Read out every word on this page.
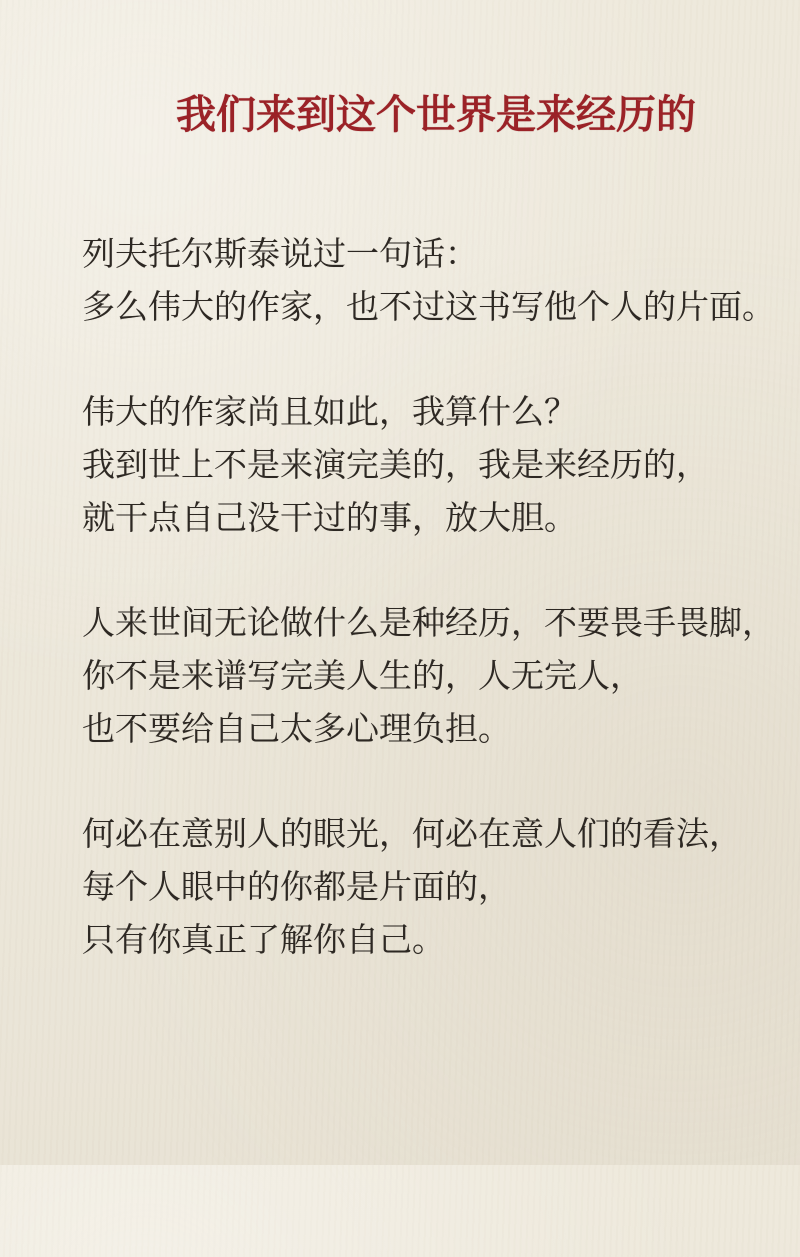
我们来到这个世界是来经历的

列夫托尔斯泰说过一句话：
多么伟大的作家，也不过这书写他个人的片面。

伟大的作家尚且如此，我算什么？
我到世上不是来演完美的，我是来经历的，
就干点自己没干过的事，放大胆。

人来世间无论做什么是种经历，不要畏手畏脚，
你不是来谱写完美人生的，人无完人，
也不要给自己太多心理负担。

何必在意别人的眼光，何必在意人们的看法，
每个人眼中的你都是片面的，
只有你真正了解你自己。
